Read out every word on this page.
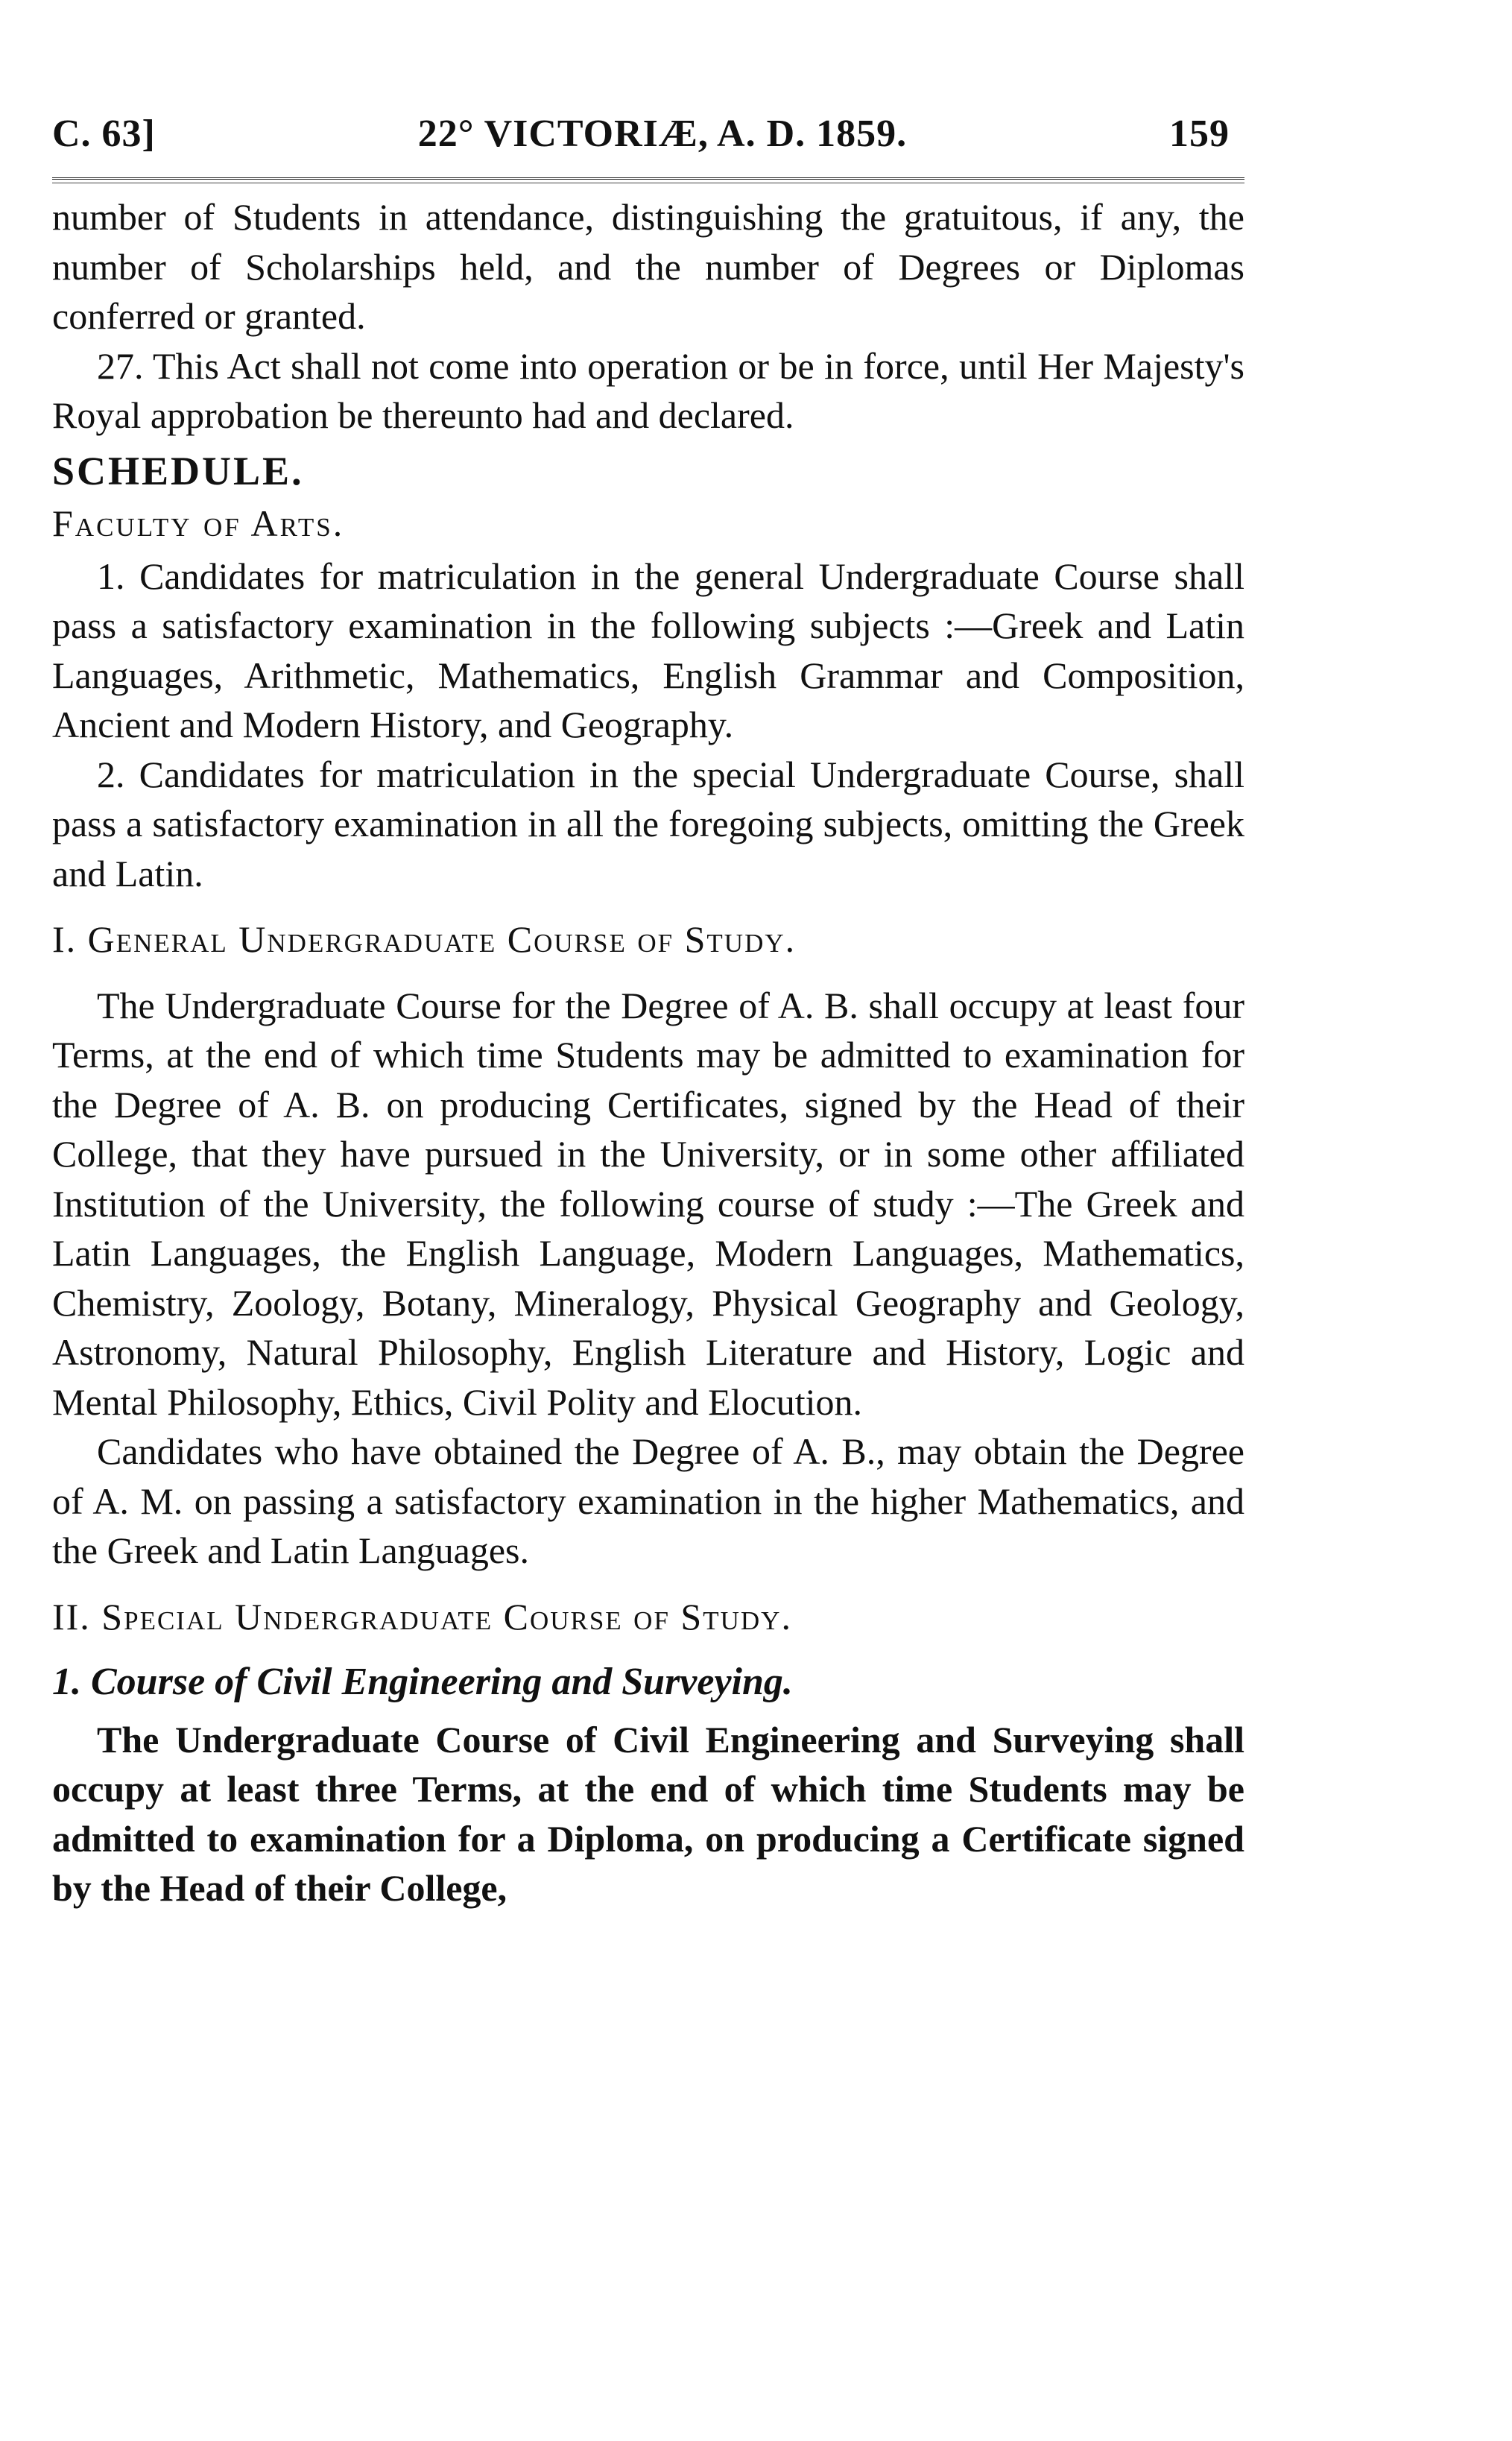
C. 63]	22° VICTORIÆ, A. D. 1859.	159

number of Students in attendance, distinguishing the gratuitous, if any, the number of Scholarships held, and the number of Degrees or Diplomas conferred or granted.

27. This Act shall not come into operation or be in force, until Her Majesty's Royal approbation be thereunto had and declared.

SCHEDULE.
Faculty of Arts.

1. Candidates for matriculation in the general Undergraduate Course shall pass a satisfactory examination in the following subjects :—Greek and Latin Languages, Arithmetic, Mathematics, English Grammar and Composition, Ancient and Modern History, and Geography.

2. Candidates for matriculation in the special Undergraduate Course, shall pass a satisfactory examination in all the foregoing subjects, omitting the Greek and Latin.

I. General Undergraduate Course of Study.

The Undergraduate Course for the Degree of A. B. shall occupy at least four Terms, at the end of which time Students may be admitted to examination for the Degree of A. B. on producing Certificates, signed by the Head of their College, that they have pursued in the University, or in some other affiliated Institution of the University, the following course of study :—The Greek and Latin Languages, the English Language, Modern Languages, Mathematics, Chemistry, Zoology, Botany, Mineralogy, Physical Geography and Geology, Astronomy, Natural Philosophy, English Literature and History, Logic and Mental Philosophy, Ethics, Civil Polity and Elocution.

Candidates who have obtained the Degree of A. B., may obtain the Degree of A. M. on passing a satisfactory examination in the higher Mathematics, and the Greek and Latin Languages.

II. Special Undergraduate Course of Study.
1. Course of Civil Engineering and Surveying.

The Undergraduate Course of Civil Engineering and Surveying shall occupy at least three Terms, at the end of which time Students may be admitted to examination for a Diploma, on producing a Certificate signed by the Head of their College,
